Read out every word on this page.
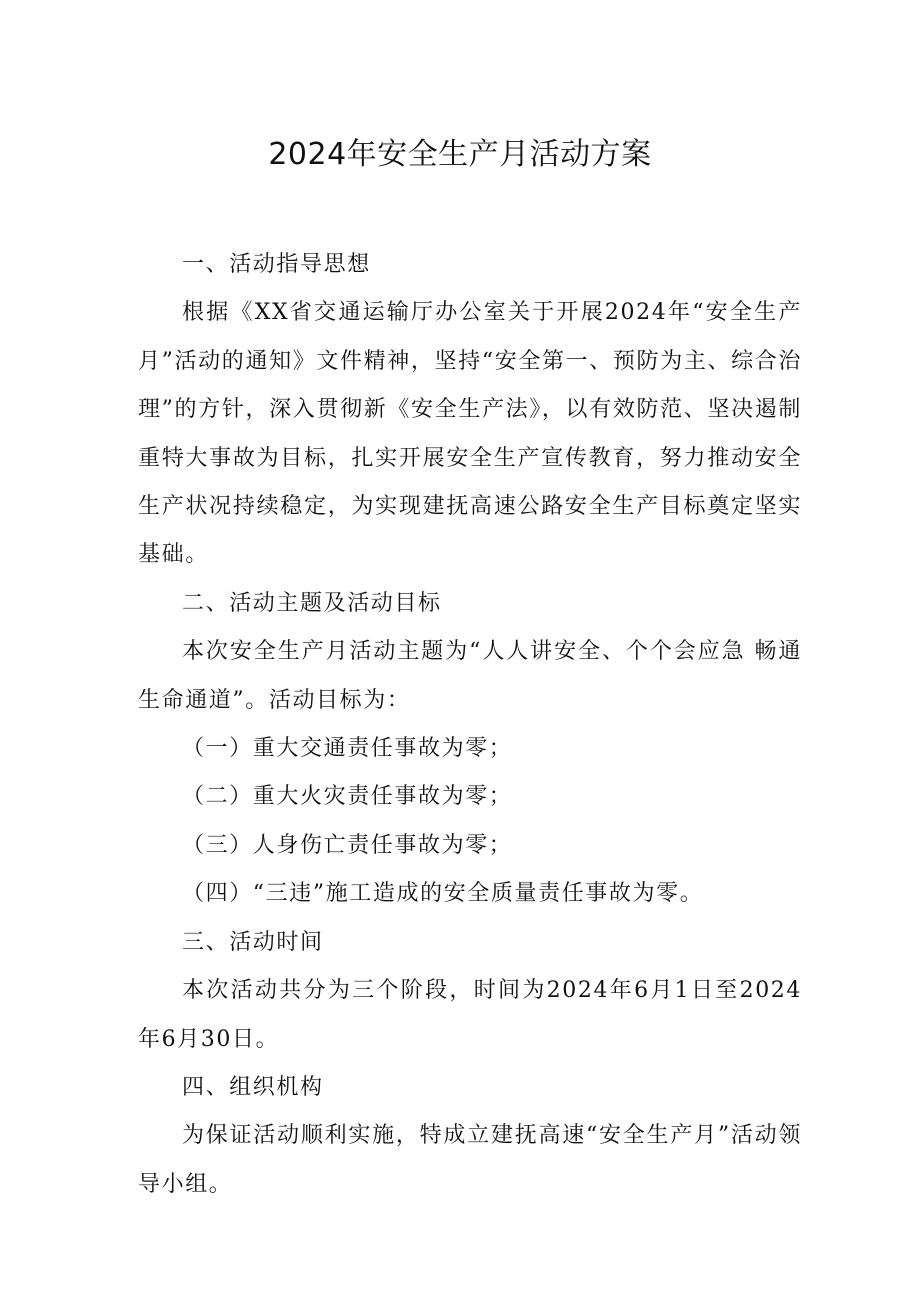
2024年安全生产月活动方案

一、活动指导思想

根据《XX省交通运输厅办公室关于开展2024年“安全生产月”活动的通知》文件精神，坚持“安全第一、预防为主、综合治理”的方针，深入贯彻新《安全生产法》，以有效防范、坚决遏制重特大事故为目标，扎实开展安全生产宣传教育，努力推动安全生产状况持续稳定，为实现建抚高速公路安全生产目标奠定坚实基础。

二、活动主题及活动目标

本次安全生产月活动主题为“人人讲安全、个个会应急 畅通生命通道”。活动目标为：

（一）重大交通责任事故为零；

（二）重大火灾责任事故为零；

（三）人身伤亡责任事故为零；

（四）“三违”施工造成的安全质量责任事故为零。

三、活动时间

本次活动共分为三个阶段，时间为2024年6月1日至2024年6月30日。

四、组织机构

为保证活动顺利实施，特成立建抚高速“安全生产月”活动领导小组。
